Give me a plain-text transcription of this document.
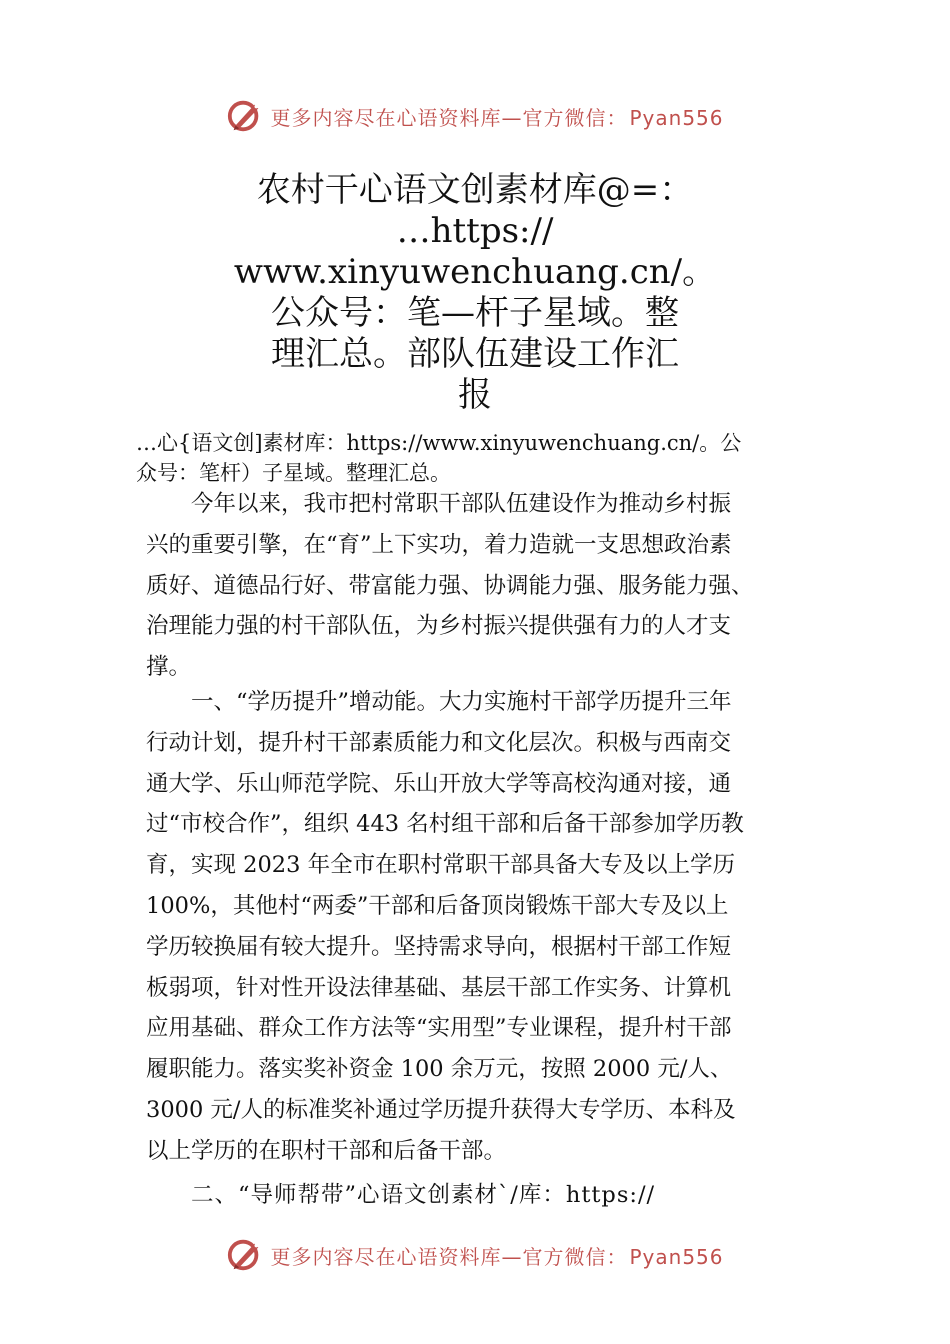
更多内容尽在心语资料库—官方微信： Pyan556
农村干心语文创素材库@=：
…https://
www.xinyuwenchuang.cn/。
公众号：笔—杆子星域。整
理汇总。部队伍建设工作汇
报
…心{语文创]素材库：https://www.xinyuwenchuang.cn/。公
众号：笔杆）子星域。整理汇总。
今年以来，我市把村常职干部队伍建设作为推动乡村振
兴的重要引擎，在“育”上下实功，着力造就一支思想政治素
质好、道德品行好、带富能力强、协调能力强、服务能力强、
治理能力强的村干部队伍，为乡村振兴提供强有力的人才支
撑。
一、“学历提升”增动能。大力实施村干部学历提升三年
行动计划，提升村干部素质能力和文化层次。积极与西南交
通大学、乐山师范学院、乐山开放大学等高校沟通对接，通
过“市校合作”，组织 443 名村组干部和后备干部参加学历教
育，实现 2023 年全市在职村常职干部具备大专及以上学历
100%，其他村“两委”干部和后备顶岗锻炼干部大专及以上
学历较换届有较大提升。坚持需求导向，根据村干部工作短
板弱项，针对性开设法律基础、基层干部工作实务、计算机
应用基础、群众工作方法等“实用型”专业课程，提升村干部
履职能力。落实奖补资金 100 余万元，按照 2000 元/人、
3000 元/人的标准奖补通过学历提升获得大专学历、本科及
以上学历的在职村干部和后备干部。
二、“导师帮带”心语文创素材`/库：https://
更多内容尽在心语资料库—官方微信： Pyan556
